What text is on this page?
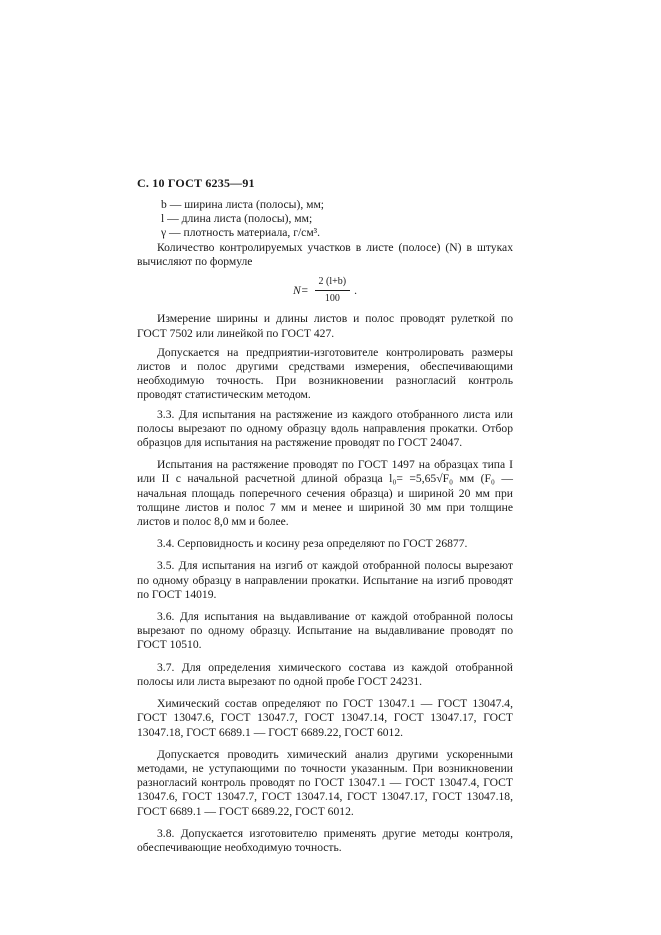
С. 10 ГОСТ 6235—91

b — ширина листа (полосы), мм;

l — длина листа (полосы), мм;

γ — плотность материала, г/см³.

Количество контролируемых участков в листе (полосе) (N) в штуках вычисляют по формуле

$N= \frac{2 (l+b)}{100}$ .

Измерение ширины и длины листов и полос проводят рулеткой по ГОСТ 7502 или линейкой по ГОСТ 427.

Допускается на предприятии-изготовителе контролировать размеры листов и полос другими средствами измерения, обеспечивающими необходимую точность. При возникновении разногласий контроль проводят статистическим методом.

3.3. Для испытания на растяжение из каждого отобранного листа или полосы вырезают по одному образцу вдоль направления прокатки. Отбор образцов для испытания на растяжение проводят по ГОСТ 24047.

Испытания на растяжение проводят по ГОСТ 1497 на образцах типа I или II с начальной расчетной длиной образца l₀= =5,65√F₀ мм (F₀ — начальная площадь поперечного сечения образца) и шириной 20 мм при толщине листов и полос 7 мм и менее и шириной 30 мм при толщине листов и полос 8,0 мм и более.

3.4. Серповидность и косину реза определяют по ГОСТ 26877.

3.5. Для испытания на изгиб от каждой отобранной полосы вырезают по одному образцу в направлении прокатки. Испытание на изгиб проводят по ГОСТ 14019.

3.6. Для испытания на выдавливание от каждой отобранной полосы вырезают по одному образцу. Испытание на выдавливание проводят по ГОСТ 10510.

3.7. Для определения химического состава из каждой отобранной полосы или листа вырезают по одной пробе ГОСТ 24231.

Химический состав определяют по ГОСТ 13047.1 — ГОСТ 13047.4, ГОСТ 13047.6, ГОСТ 13047.7, ГОСТ 13047.14, ГОСТ 13047.17, ГОСТ 13047.18, ГОСТ 6689.1 — ГОСТ 6689.22, ГОСТ 6012.

Допускается проводить химический анализ другими ускоренными методами, не уступающими по точности указанным. При возникновении разногласий контроль проводят по ГОСТ 13047.1 — ГОСТ 13047.4, ГОСТ 13047.6, ГОСТ 13047.7, ГОСТ 13047.14, ГОСТ 13047.17, ГОСТ 13047.18, ГОСТ 6689.1 — ГОСТ 6689.22, ГОСТ 6012.

3.8. Допускается изготовителю применять другие методы контроля, обеспечивающие необходимую точность.
